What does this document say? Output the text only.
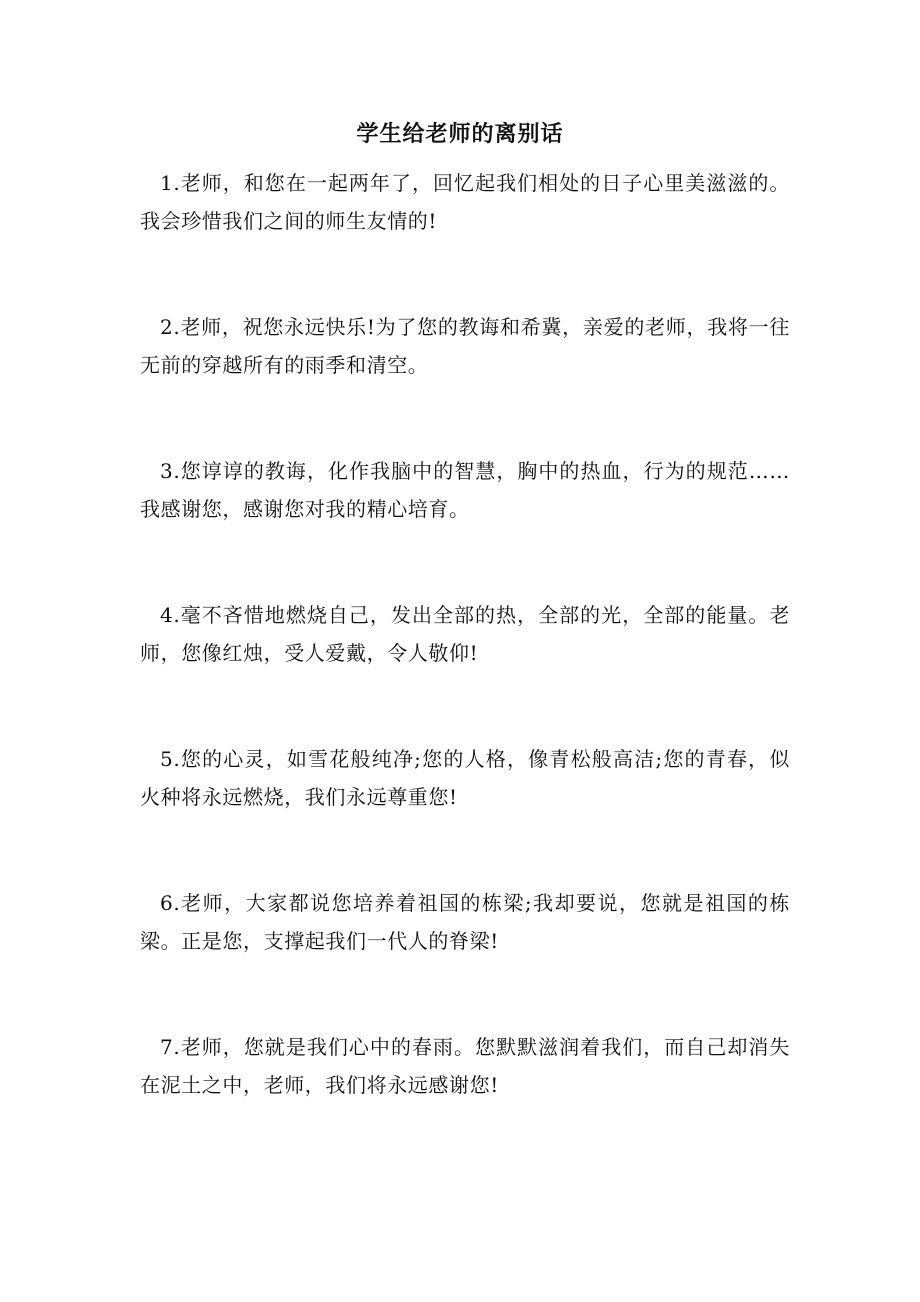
学生给老师的离别话

1.老师，和您在一起两年了，回忆起我们相处的日子心里美滋滋的。我会珍惜我们之间的师生友情的!

2.老师，祝您永远快乐!为了您的教诲和希冀，亲爱的老师，我将一往无前的穿越所有的雨季和清空。

3.您谆谆的教诲，化作我脑中的智慧，胸中的热血，行为的规范……我感谢您，感谢您对我的精心培育。

4.毫不吝惜地燃烧自己，发出全部的热，全部的光，全部的能量。老师，您像红烛，受人爱戴，令人敬仰!

5.您的心灵，如雪花般纯净;您的人格，像青松般高洁;您的青春，似火种将永远燃烧，我们永远尊重您!

6.老师，大家都说您培养着祖国的栋梁;我却要说，您就是祖国的栋梁。正是您，支撑起我们一代人的脊梁!

7.老师，您就是我们心中的春雨。您默默滋润着我们，而自己却消失在泥土之中，老师，我们将永远感谢您!
